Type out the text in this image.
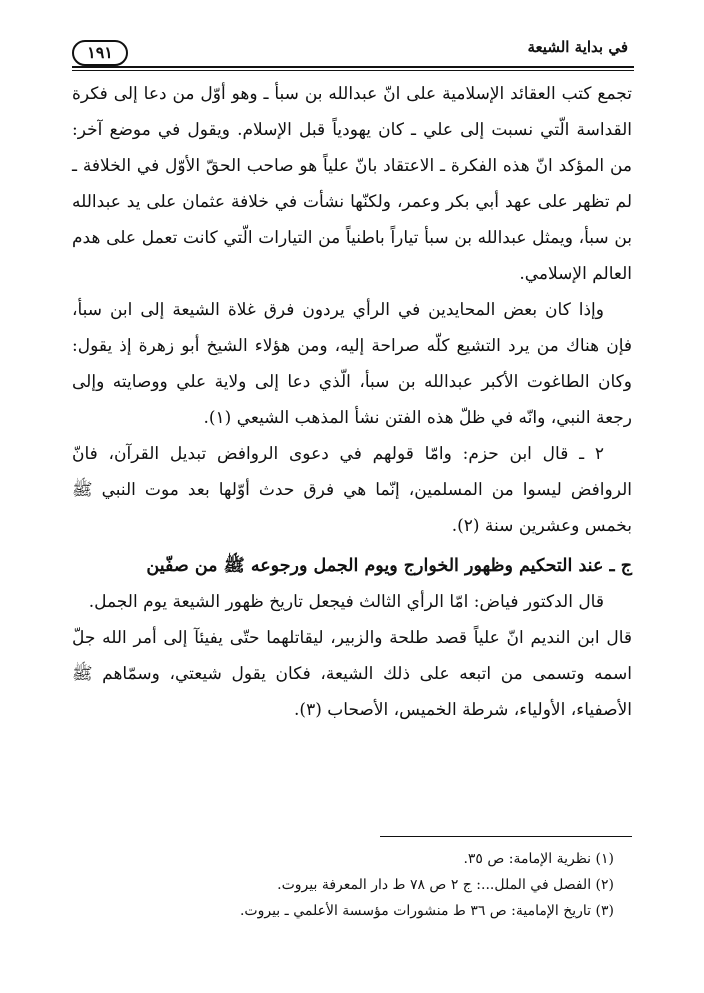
في بداية الشيعة
١٩١

تجمع كتب العقائد الإسلامية على انّ عبدالله بن سبأ ـ وهو أوّل من دعا إلى فكرة القداسة الّتي نسبت إلى علي ـ كان يهودياً قبل الإسلام. ويقول في موضع آخر: من المؤكد انّ هذه الفكرة ـ الاعتقاد بانّ علياً هو صاحب الحقّ الأوّل في الخلافة ـ لم تظهر على عهد أبي بكر وعمر، ولكنّها نشأت في خلافة عثمان على يد عبدالله بن سبأ، ويمثل عبدالله بن سبأ تياراً باطنياً من التيارات الّتي كانت تعمل على هدم العالم الإسلامي.

وإذا كان بعض المحايدين في الرأي يردون فرق غلاة الشيعة إلى ابن سبأ، فإن هناك من يرد التشيع كلّه صراحة إليه، ومن هؤلاء الشيخ أبو زهرة إذ يقول: وكان الطاغوت الأكبر عبدالله بن سبأ، الّذي دعا إلى ولاية علي ووصايته وإلى رجعة النبي، وانّه في ظلّ هذه الفتن نشأ المذهب الشيعي (١).

٢ ـ قال ابن حزم: وامّا قولهم في دعوى الروافض تبديل القرآن، فانّ الروافض ليسوا من المسلمين، إنّما هي فرق حدث أوّلها بعد موت النبي ﷺ بخمس وعشرين سنة (٢).

ج ـ عند التحكيم وظهور الخوارج ويوم الجمل ورجوعه ﷺ من صفّين

قال الدكتور فياض: امّا الرأي الثالث فيجعل تاريخ ظهور الشيعة يوم الجمل.

قال ابن النديم انّ علياً قصد طلحة والزبير، ليقاتلهما حتّى يفيئآ إلى أمر الله جلّ اسمه وتسمى من اتبعه على ذلك الشيعة، فكان يقول شيعتي، وسمّاهم ﷺ الأصفياء، الأولياء، شرطة الخميس، الأصحاب (٣).

(١) نظرية الإمامة: ص ٣٥.

(٢) الفصل في الملل...: ج ٢ ص ٧٨ ط دار المعرفة بيروت.

(٣) تاريخ الإمامية: ص ٣٦ ط منشورات مؤسسة الأعلمي ـ بيروت.
